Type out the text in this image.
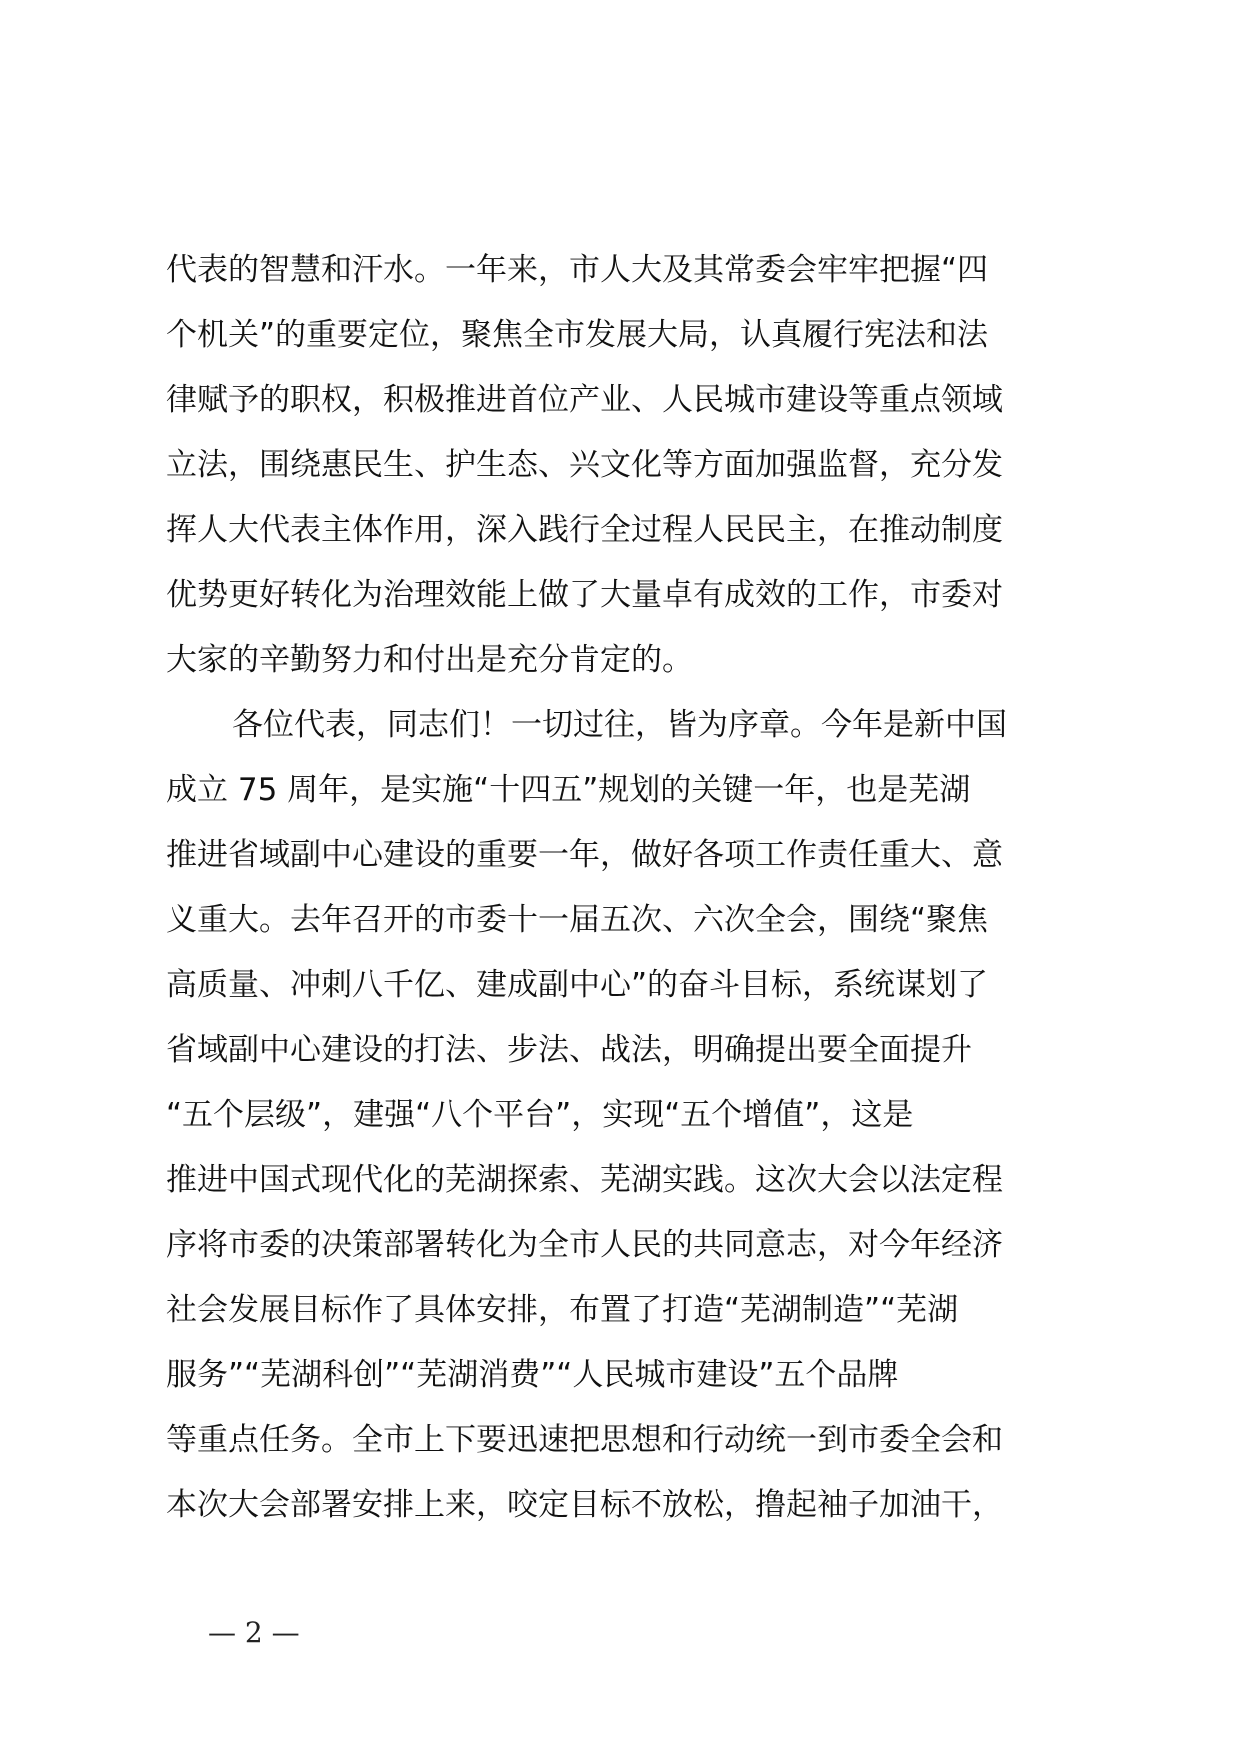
代表的智慧和汗水。一年来，市人大及其常委会牢牢把握“四
个机关”的重要定位，聚焦全市发展大局，认真履行宪法和法
律赋予的职权，积极推进首位产业、人民城市建设等重点领域
立法，围绕惠民生、护生态、兴文化等方面加强监督，充分发
挥人大代表主体作用，深入践行全过程人民民主，在推动制度
优势更好转化为治理效能上做了大量卓有成效的工作，市委对
大家的辛勤努力和付出是充分肯定的。
各位代表，同志们！一切过往，皆为序章。今年是新中国
成立 75 周年，是实施“十四五”规划的关键一年，也是芜湖
推进省域副中心建设的重要一年，做好各项工作责任重大、意
义重大。去年召开的市委十一届五次、六次全会，围绕“聚焦
高质量、冲刺八千亿、建成副中心”的奋斗目标，系统谋划了
省域副中心建设的打法、步法、战法，明确提出要全面提升
“五个层级”，建强“八个平台”，实现“五个增值”，这是
推进中国式现代化的芜湖探索、芜湖实践。这次大会以法定程
序将市委的决策部署转化为全市人民的共同意志，对今年经济
社会发展目标作了具体安排，布置了打造“芜湖制造”“芜湖
服务”“芜湖科创”“芜湖消费”“人民城市建设”五个品牌
等重点任务。全市上下要迅速把思想和行动统一到市委全会和
本次大会部署安排上来，咬定目标不放松，撸起袖子加油干，
— 2 —
